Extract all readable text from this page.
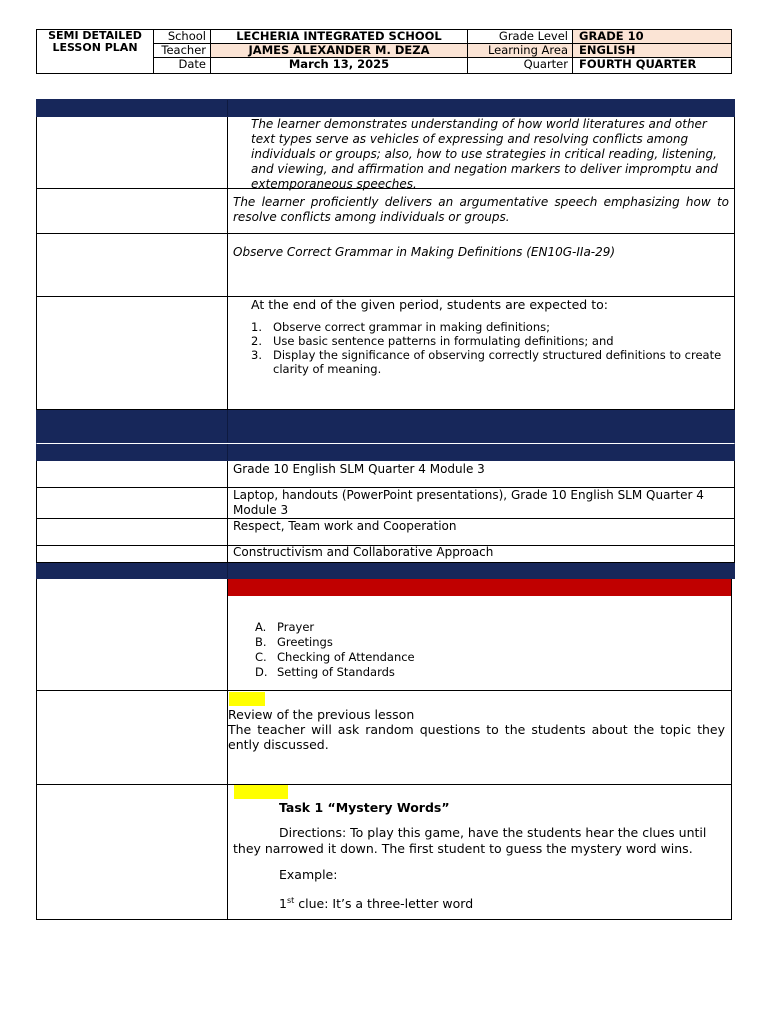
SEMI DETAILED LESSON PLAN
School
Teacher
Date
LECHERIA INTEGRATED SCHOOL
JAMES ALEXANDER M. DEZA
March 13, 2025
Grade Level
Learning Area
Quarter
GRADE 10
ENGLISH
FOURTH QUARTER
The learner demonstrates understanding of how world literatures and other text types serve as vehicles of expressing and resolving conflicts among individuals or groups; also, how to use strategies in critical reading, listening, and viewing, and affirmation and negation markers to deliver impromptu and extemporaneous speeches.
The learner proficiently delivers an argumentative speech emphasizing how to resolve conflicts among individuals or groups.
Observe Correct Grammar in Making Definitions (EN10G-IIa-29)
At the end of the given period, students are expected to:
1. Observe correct grammar in making definitions;
2. Use basic sentence patterns in formulating definitions; and
3. Display the significance of observing correctly structured definitions to create clarity of meaning.
Grade 10 English SLM Quarter 4 Module 3
Laptop, handouts (PowerPoint presentations), Grade 10 English SLM Quarter 4 Module 3
Respect, Team work and Cooperation
Constructivism and Collaborative Approach
A. Prayer
B. Greetings
C. Checking of Attendance
D. Setting of Standards
Review of the previous lesson
The teacher will ask random questions to the students about the topic they
ently discussed.
Task 1 “Mystery Words”
Directions: To play this game, have the students hear the clues until
they narrowed it down. The first student to guess the mystery word wins.
Example:
1st clue: It’s a three-letter word
